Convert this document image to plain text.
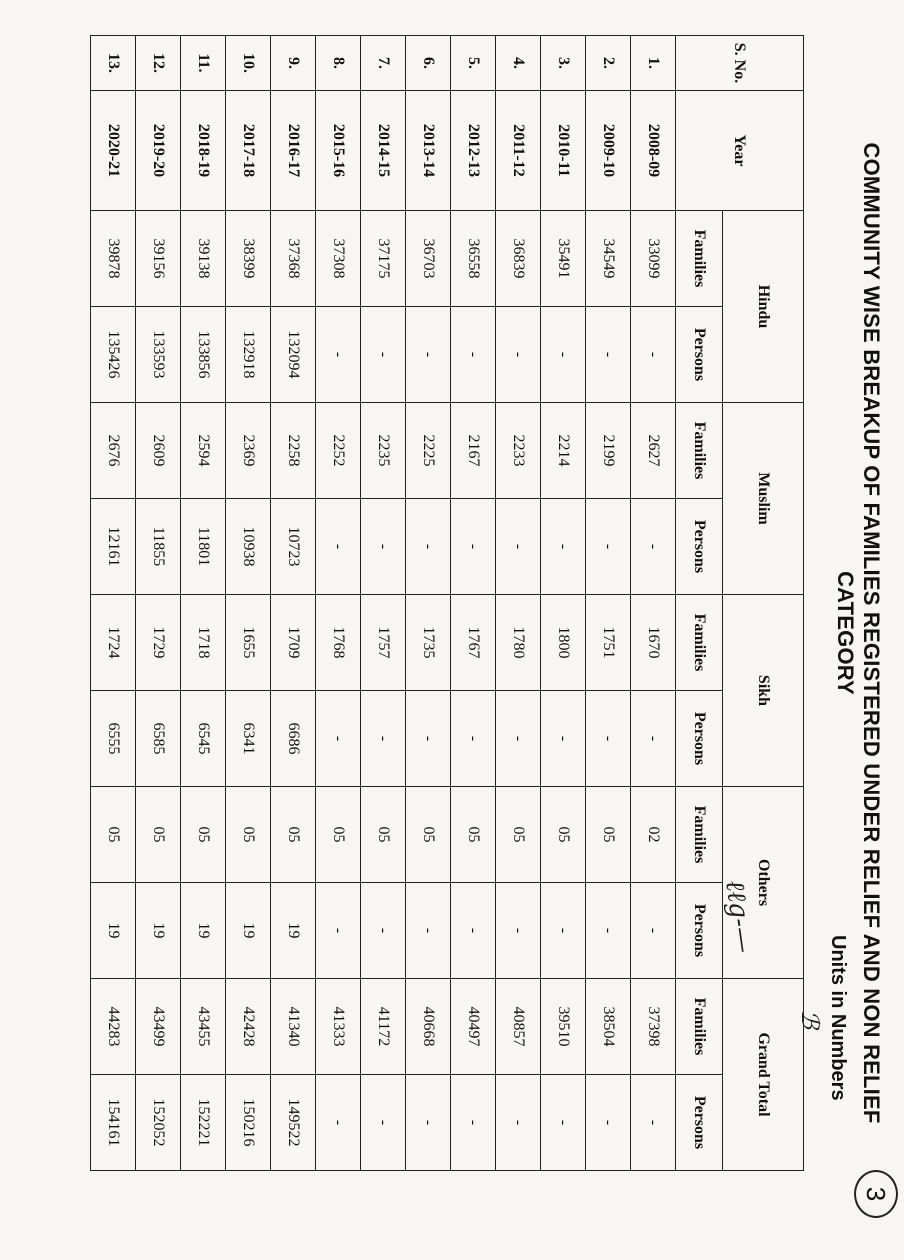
COMMUNITY WISE BREAKUP OF FAMILIES REGISTERED UNDER RELIEF AND NON RELIEF CATEGORY
Units in Numbers
3
S. No.	Year	Hindu		Muslim		Sikh		Others		Grand Total	
		Families	Persons	Families	Persons	Families	Persons	Families	Persons	Families	Persons
1.	2008-09	33099	-	2627	-	1670	-	02	-	37398	-
2.	2009-10	34549	-	2199	-	1751	-	05	-	38504	-
3.	2010-11	35491	-	2214	-	1800	-	05	-	39510	-
4.	2011-12	36839	-	2233	-	1780	-	05	-	40857	-
5.	2012-13	36558	-	2167	-	1767	-	05	-	40497	-
6.	2013-14	36703	-	2225	-	1735	-	05	-	40668	-
7.	2014-15	37175	-	2235	-	1757	-	05	-	41172	-
8.	2015-16	37308	-	2252	-	1768	-	05	-	41333	-
9.	2016-17	37368	132094	2258	10723	1709	6686	05	19	41340	149522
10.	2017-18	38399	132918	2369	10938	1655	6341	05	19	42428	150216
11.	2018-19	39138	133856	2594	11801	1718	6545	05	19	43455	152221
12.	2019-20	39156	133593	2609	11855	1729	6585	05	19	43499	152052
13.	2020-21	39878	135426	2676	12161	1724	6555	05	19	44283	154161
ℓℓg‐—
ℬ
